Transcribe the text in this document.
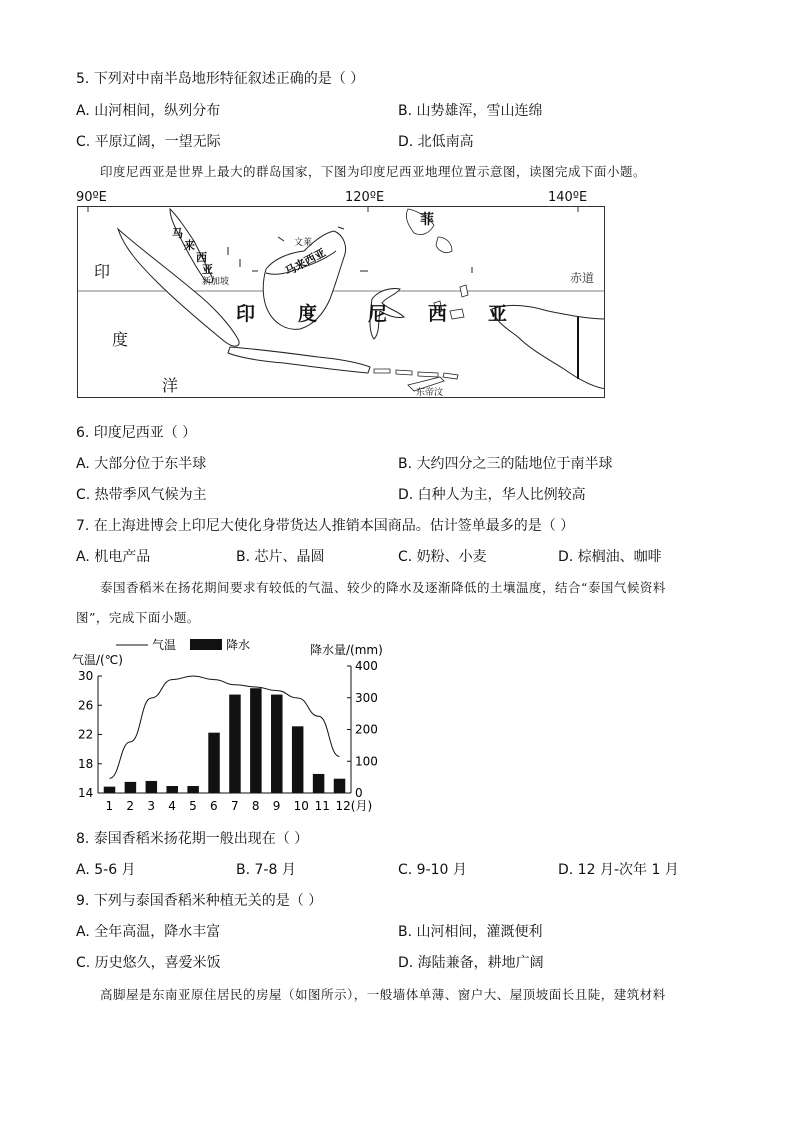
5. 下列对中南半岛地形特征叙述正确的是（ ）
A. 山河相间，纵列分布	B. 山势雄浑，雪山连绵
C. 平原辽阔，一望无际	D. 北低南高
印度尼西亚是世界上最大的群岛国家，下图为印度尼西亚地理位置示意图，读图完成下面小题。
90ºE	120ºE	140ºE
印
度
洋
印 度	尼 西 亚
赤道
马
来
西
亚
新加坡
文莱
马来西亚
菲
东帝汶
6. 印度尼西亚（ ）
A. 大部分位于东半球	B. 大约四分之三的陆地位于南半球
C. 热带季风气候为主	D. 白种人为主，华人比例较高
7. 在上海进博会上印尼大使化身带货达人推销本国商品。估计签单最多的是（ ）
A. 机电产品	B. 芯片、晶圆	C. 奶粉、小麦	D. 棕榈油、咖啡
泰国香稻米在扬花期间要求有较低的气温、较少的降水及逐渐降低的土壤温度，结合“泰国气候资料
图”，完成下面小题。
气温	降水
气温/(℃)
降水量/(mm)
14
18
22
26
30
0
100
200
300
400
1 2 3 4 5 6 7 8 9 10 11 12(月)
8. 泰国香稻米扬花期一般出现在（ ）
A. 5-6 月	B. 7-8 月	C. 9-10 月	D. 12 月-次年 1 月
9. 下列与泰国香稻米种植无关的是（ ）
A. 全年高温，降水丰富	B. 山河相间，灌溉便利
C. 历史悠久，喜爱米饭	D. 海陆兼备，耕地广阔
高脚屋是东南亚原住居民的房屋（如图所示），一般墙体单薄、窗户大、屋顶坡面长且陡，建筑材料
